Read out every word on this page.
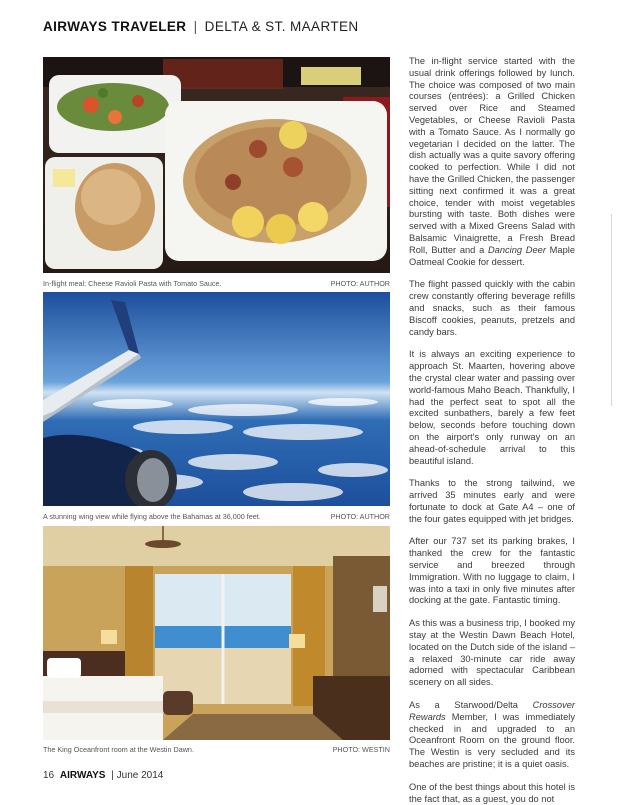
AIRWAYS TRAVELER | DELTA & ST. MAARTEN
In-flight meal: Cheese Ravioli Pasta with Tomato Sauce.	PHOTO: AUTHOR
A stunning wing view while flying above the Bahamas at 36,000 feet.	PHOTO: AUTHOR
The King Oceanfront room at the Westin Dawn.	PHOTO: WESTIN

The in-flight service started with the usual drink offerings followed by lunch. The choice was composed of two main courses (entrées): a Grilled Chicken served over Rice and Steamed Vegetables, or Cheese Ravioli Pasta with a Tomato Sauce. As I normally go vegetarian I decided on the latter. The dish actually was a quite savory offering cooked to perfection. While I did not have the Grilled Chicken, the passenger sitting next confirmed it was a great choice, tender with moist vegetables bursting with taste. Both dishes were served with a Mixed Greens Salad with Balsamic Vinaigrette, a Fresh Bread Roll, Butter and a Dancing Deer Maple Oatmeal Cookie for dessert.

The flight passed quickly with the cabin crew constantly offering beverage refills and snacks, such as their famous Biscoff cookies, peanuts, pretzels and candy bars.

It is always an exciting experience to approach St. Maarten, hovering above the crystal clear water and passing over world-famous Maho Beach. Thankfully, I had the perfect seat to spot all the excited sunbathers, barely a few feet below, seconds before touching down on the airport's only runway on an ahead-of-schedule arrival to this beautiful island.

Thanks to the strong tailwind, we arrived 35 minutes early and were fortunate to dock at Gate A4 – one of the four gates equipped with jet bridges.

After our 737 set its parking brakes, I thanked the crew for the fantastic service and breezed through Immigration. With no luggage to claim, I was into a taxi in only five minutes after docking at the gate. Fantastic timing.

As this was a business trip, I booked my stay at the Westin Dawn Beach Hotel, located on the Dutch side of the island – a relaxed 30-minute car ride away adorned with spectacular Caribbean scenery on all sides.

As a Starwood/Delta Crossover Rewards Member, I was immediately checked in and upgraded to an Oceanfront Room on the ground floor. The Westin is very secluded and its beaches are pristine; it is a quiet oasis.

One of the best things about this hotel is the fact that, as a guest, you do not

16 AIRWAYS | June 2014
